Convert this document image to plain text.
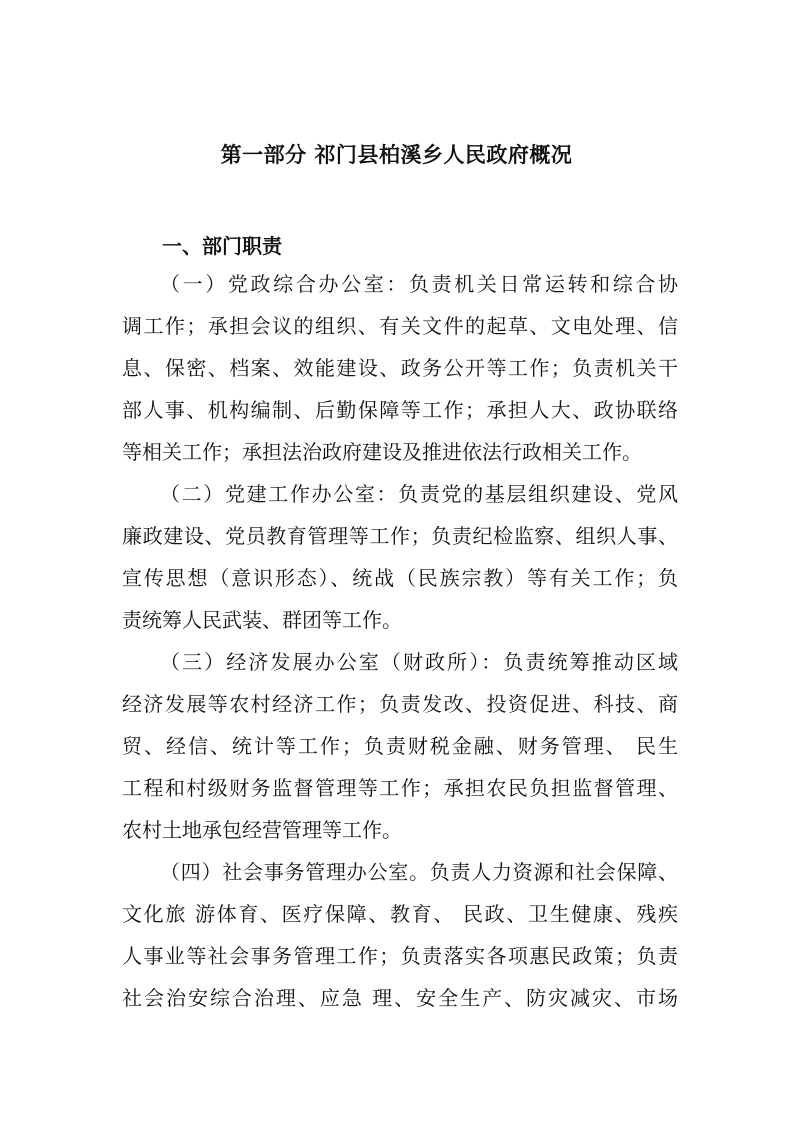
第一部分 祁门县柏溪乡人民政府概况
一、部门职责
（一）党政综合办公室：负责机关日常运转和综合协
调工作；承担会议的组织、有关文件的起草、文电处理、信
息、保密、档案、效能建设、政务公开等工作；负责机关干
部人事、机构编制、后勤保障等工作；承担人大、政协联络
等相关工作；承担法治政府建设及推进依法行政相关工作。
（二）党建工作办公室：负责党的基层组织建设、党风
廉政建设、党员教育管理等工作；负责纪检监察、组织人事、
宣传思想（意识形态）、统战（民族宗教）等有关工作；负
责统筹人民武装、群团等工作。
（三）经济发展办公室（财政所）：负责统筹推动区域
经济发展等农村经济工作；负责发改、投资促进、科技、商
贸、经信、统计等工作；负责财税金融、财务管理、 民生
工程和村级财务监督管理等工作；承担农民负担监督管理、
农村土地承包经营管理等工作。
（四）社会事务管理办公室。负责人力资源和社会保障、
文化旅 游体育、医疗保障、教育、 民政、卫生健康、残疾
人事业等社会事务管理工作；负责落实各项惠民政策；负责
社会治安综合治理、应急 理、安全生产、防灾减灾、市场
